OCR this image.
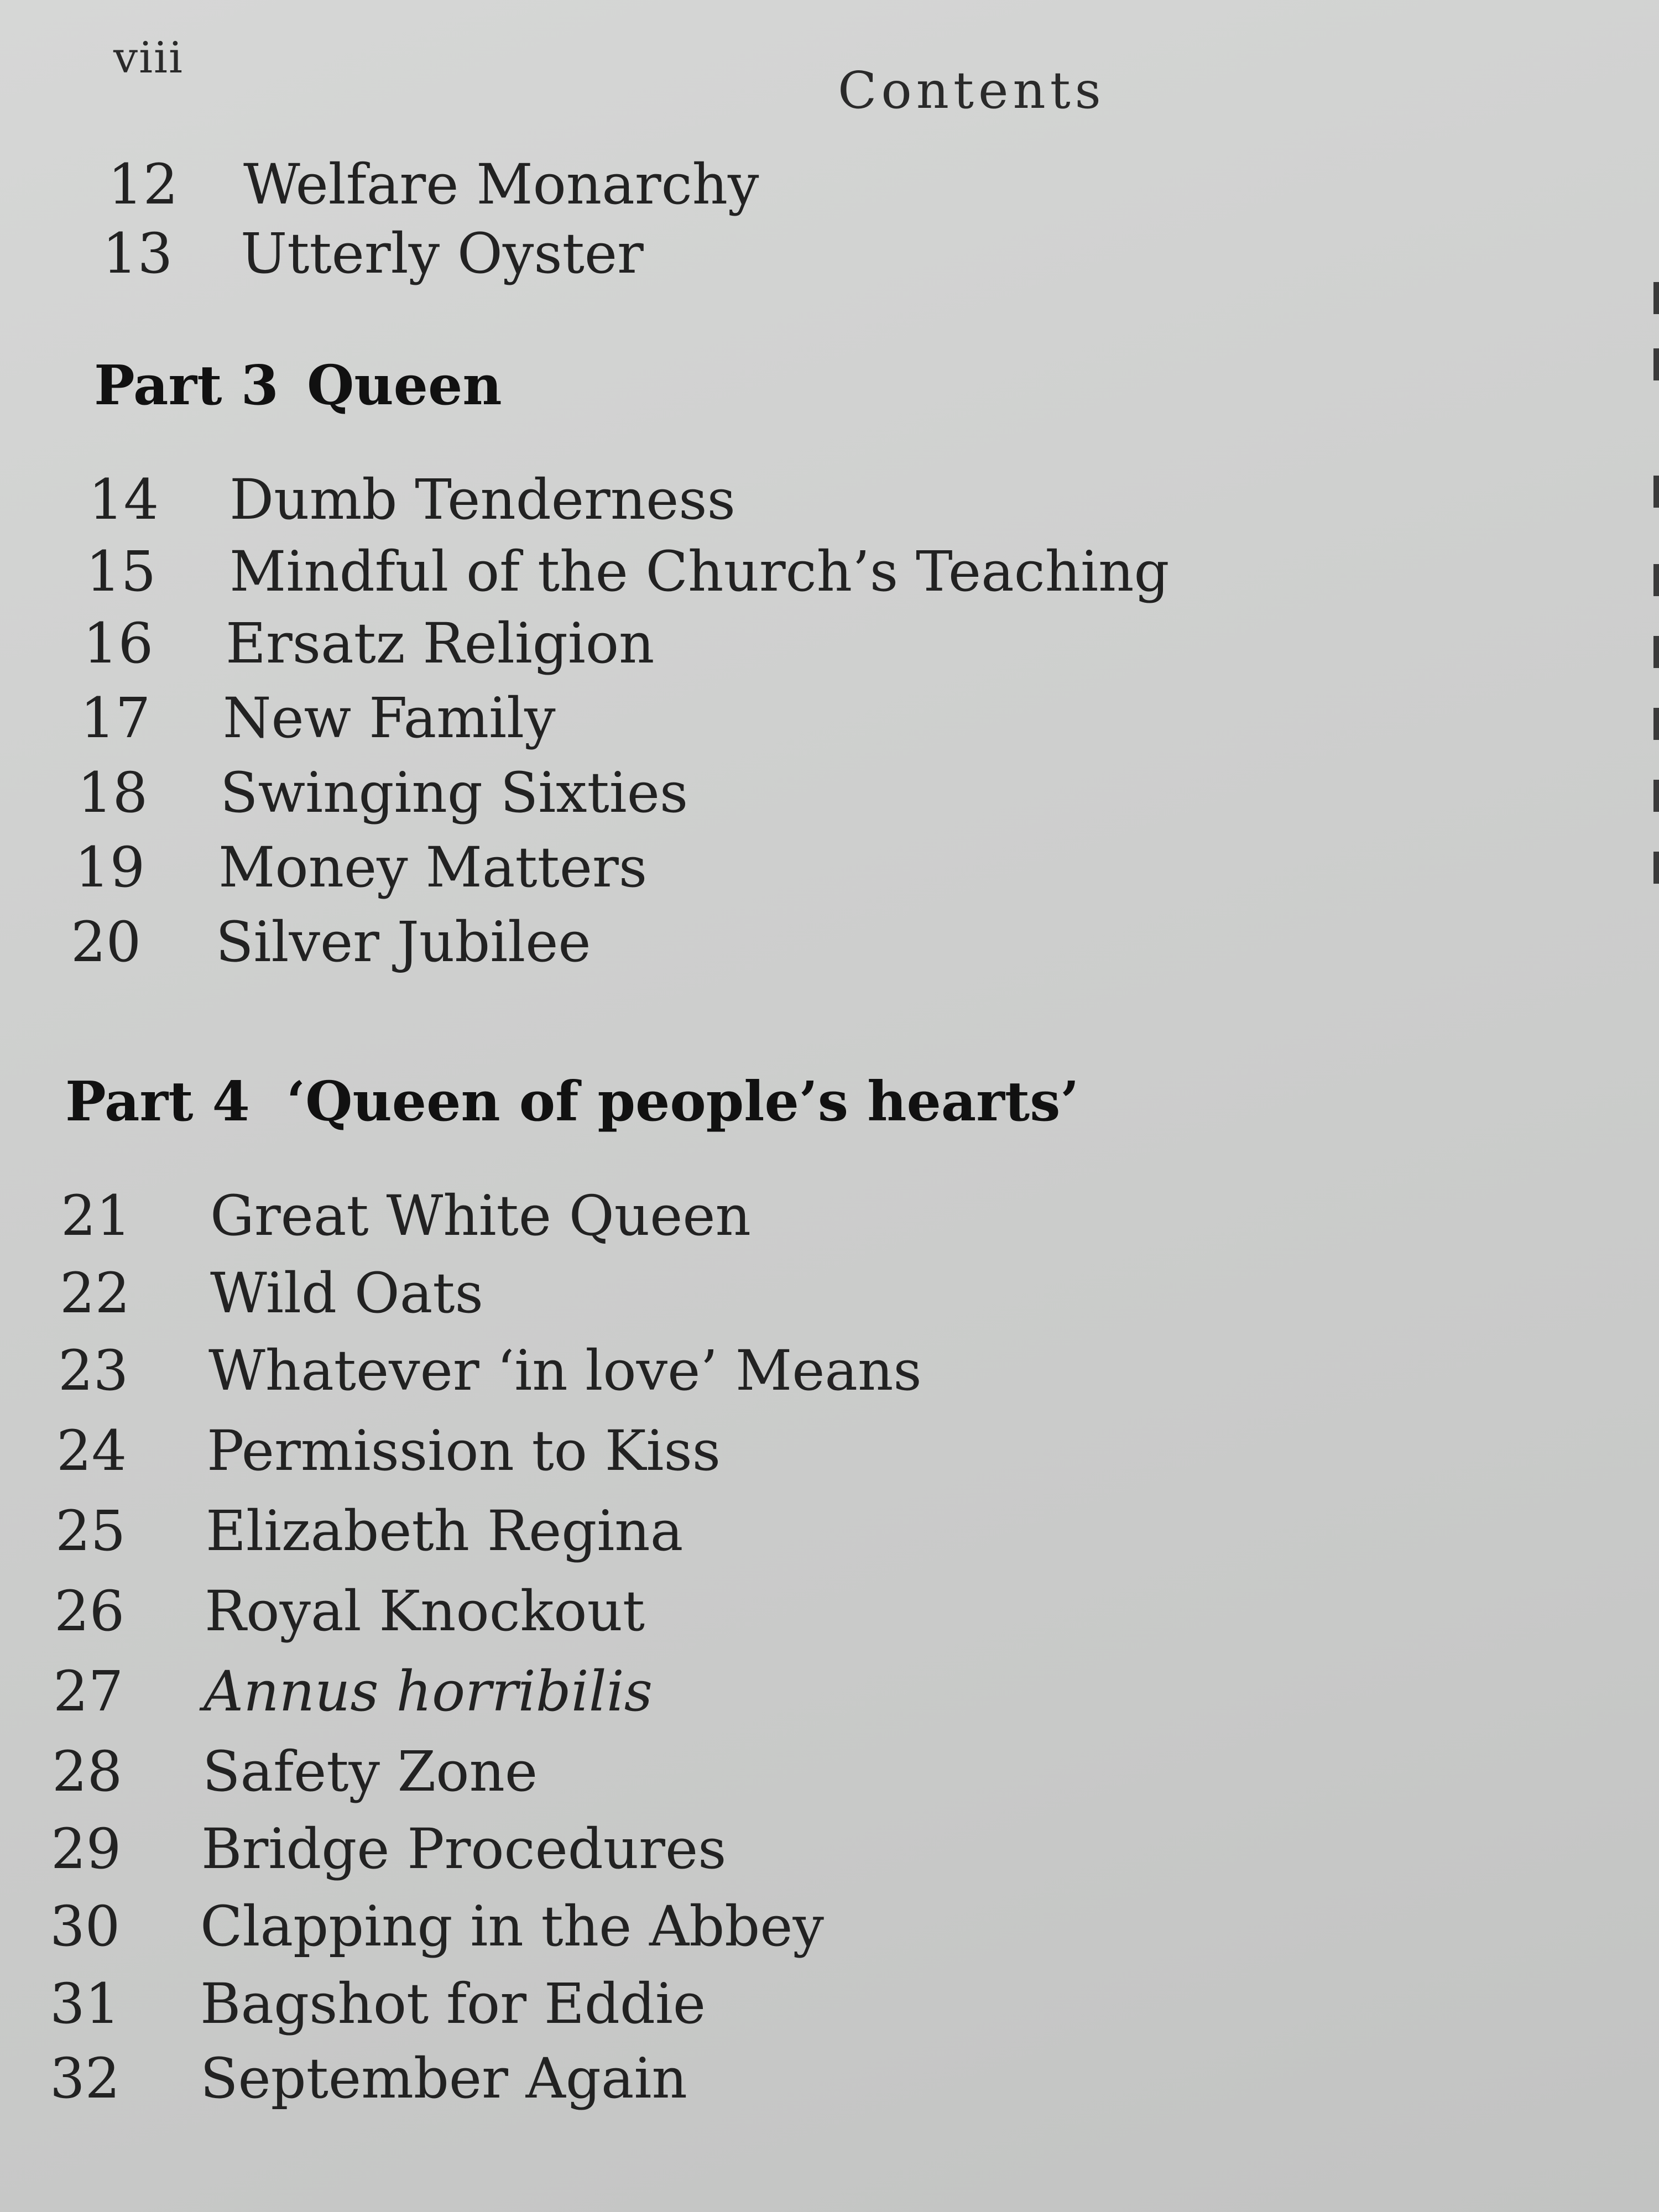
viii
Contents
12 Welfare Monarchy
13 Utterly Oyster
Part 3 Queen
14 Dumb Tenderness
15 Mindful of the Church’s Teaching
16 Ersatz Religion
17 New Family
18 Swinging Sixties
19 Money Matters
20 Silver Jubilee
Part 4 ‘Queen of people’s hearts’
21 Great White Queen
22 Wild Oats
23 Whatever ‘in love’ Means
24 Permission to Kiss
25 Elizabeth Regina
26 Royal Knockout
27 Annus horribilis
28 Safety Zone
29 Bridge Procedures
30 Clapping in the Abbey
31 Bagshot for Eddie
32 September Again
